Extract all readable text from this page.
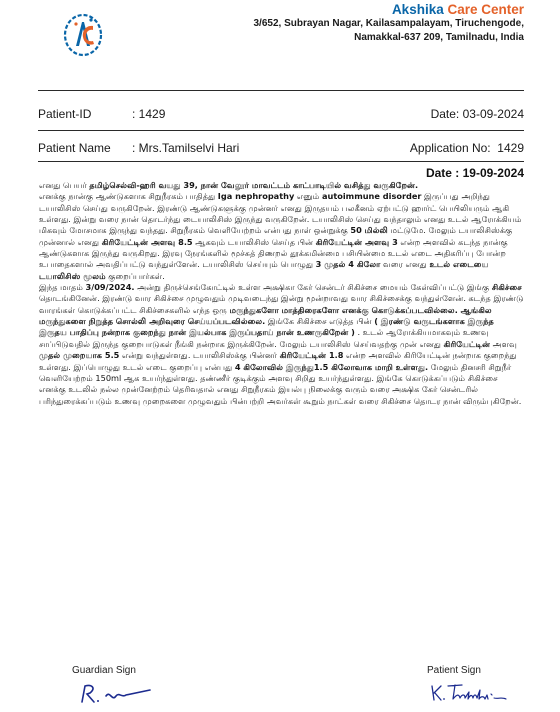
Akshika Care Center
3/652, Subrayan Nagar, Kailasampalayam, Tiruchengode,
Namakkal-637 209, Tamilnadu, India
Patient-ID	: 1429	Date: 03-09-2024
Patient Name : Mrs.Tamilselvi Hari	Application No: 1429
Date : 19-09-2024

எனது பெயர் தமிழ்செல்வி-ஹரி வயது 39, நான் வேலூர் மாவட்டம் காட்பாடியில் வசித்து வருகிறேன்.

எனக்கு நான்கு ஆண்டுகளாக சிறுநீரகம் பாதித்து Iga nephropathy எனும் autoimmune disorder இருப்பது அறிந்து டயாலிசிஸ் செய்து வருகிறேன். இரண்டு ஆண்டுகளுக்கு முன்னர் எனது இருதயம் பலகீனம் ஏற்பட்டு ஹார்ட் பெயிலியரும் ஆகி உள்ளது. இன்று வரை நான் தொடர்ந்து டையாலிசிஸ் இருந்து வருகிறேன். டயாலிசிஸ் செய்து வந்தாலும் எனது உடல் ஆரோக்கியம் மிகவும் மோசமாக இருந்து வந்தது. சிறுநீரகம் வெளியேற்றம் என்பது நாள் ஒன்றுக்கு 50 மில்லி மட்டுமே. மேலும் டயாலிசிஸ்க்கு முன்னால் எனது கிரியேட்டின் அளவு 8.5 ஆகவும் டயாலிசிஸ் செய்த பின் கிரியேட்டின் அளவு 3 என்ற அளவில் கடந்த நான்கு ஆண்டுகளாக இருந்து வருகிறது. இரவு நேரங்களில் மூச்சுத் திணறல் தூக்கமின்மை பசியின்மை உடல் எடை அதிகரிப்பு போன்ற உபாதைகளால் அவதிப்பட்டு வந்துள்ளேன். டயாலிசிஸ் செய்யும் பொழுது 3 முதல் 4 கிலோ வரை எனது உடல் எடையை டயாலிசிஸ் மூலம் குறைப்பார்கள்.

இந்த மாதம் 3/09/2024. அன்று திருச்செங்கோட்டில் உள்ள அக்ஷிகா கேர் சென்டர் சிகிச்சை மையம் கேள்விப்பட்டு இங்கு சிகிச்சை தொடங்கினேன். இரண்டு வார சிகிச்சை முழுவதும் முடிவடைந்து இன்று மூன்றாவது வார சிகிச்சைக்கு வந்துள்ளேன். கடந்த இரண்டு வாரங்கள் கொடுக்கப்பட்ட சிகிச்சைகளில் எந்த ஒரு மருந்துகளோ மாத்திரைகளோ எனக்கு கொடுக்கப்படவில்லை. ஆங்கில மருந்துகளை நிறுத்த சொல்லி அறிவுரை செய்யப்படவில்லை. இங்கே சிகிச்சை எடுத்த பின் ( இரண்டு வருடங்களாக இருந்த இருதய பாதிப்பு நன்றாக குறைந்து நான் இயல்பாக இருப்பதாய் நான் உணருகிறேன் ) . உடல் ஆரோக்கியமாகவும் உணவு சாப்பிடுவதில் இருந்த குறைபாடுகள் நீங்கி நன்றாக இருக்கிறேன். மேலும் டயாலிசிஸ் செய்வதற்கு முன் எனது கிரியேட்டின் அளவு முதல் முறையாக 5.5 என்று வந்துள்ளது. டயாலிசிஸ்க்கு பின்னர் கிரியேட்டின் 1.8 என்ற அளவில் கிரியேட்டின் நன்றாக குறைந்து உள்ளது. இப்பொழுது உடல் எடை குறைப்பு என்பது 4 கிலோவில் இருந்து1.5 கிலோவாக மாறி உள்ளது. மேலும் தினசரி சிறுநீர் வெளியேற்றம் 150ml ஆக உயர்ந்துள்ளது. தண்ணீர் குடிக்கும் அளவு சிறிது உயர்ந்துள்ளது. இங்கே கொடுக்கப்படும் சிகிச்சை எனக்கு உடலில் நல்ல முன்னேற்றம் தெரிவதால் எனது சிறுநீரகம் இயல்பு நிலைக்கு வரும் வரை அக்ஷிக கேர் சென்டரில் பரிந்துரைக்கப்படும் உணவு முறைகளை முழுவதும் பின்பற்றி அவர்கள் கூறும் நாட்கள் வரை சிகிச்சை தொடர நான் விரும்புகிறேன்.

Guardian Sign	Patient Sign
